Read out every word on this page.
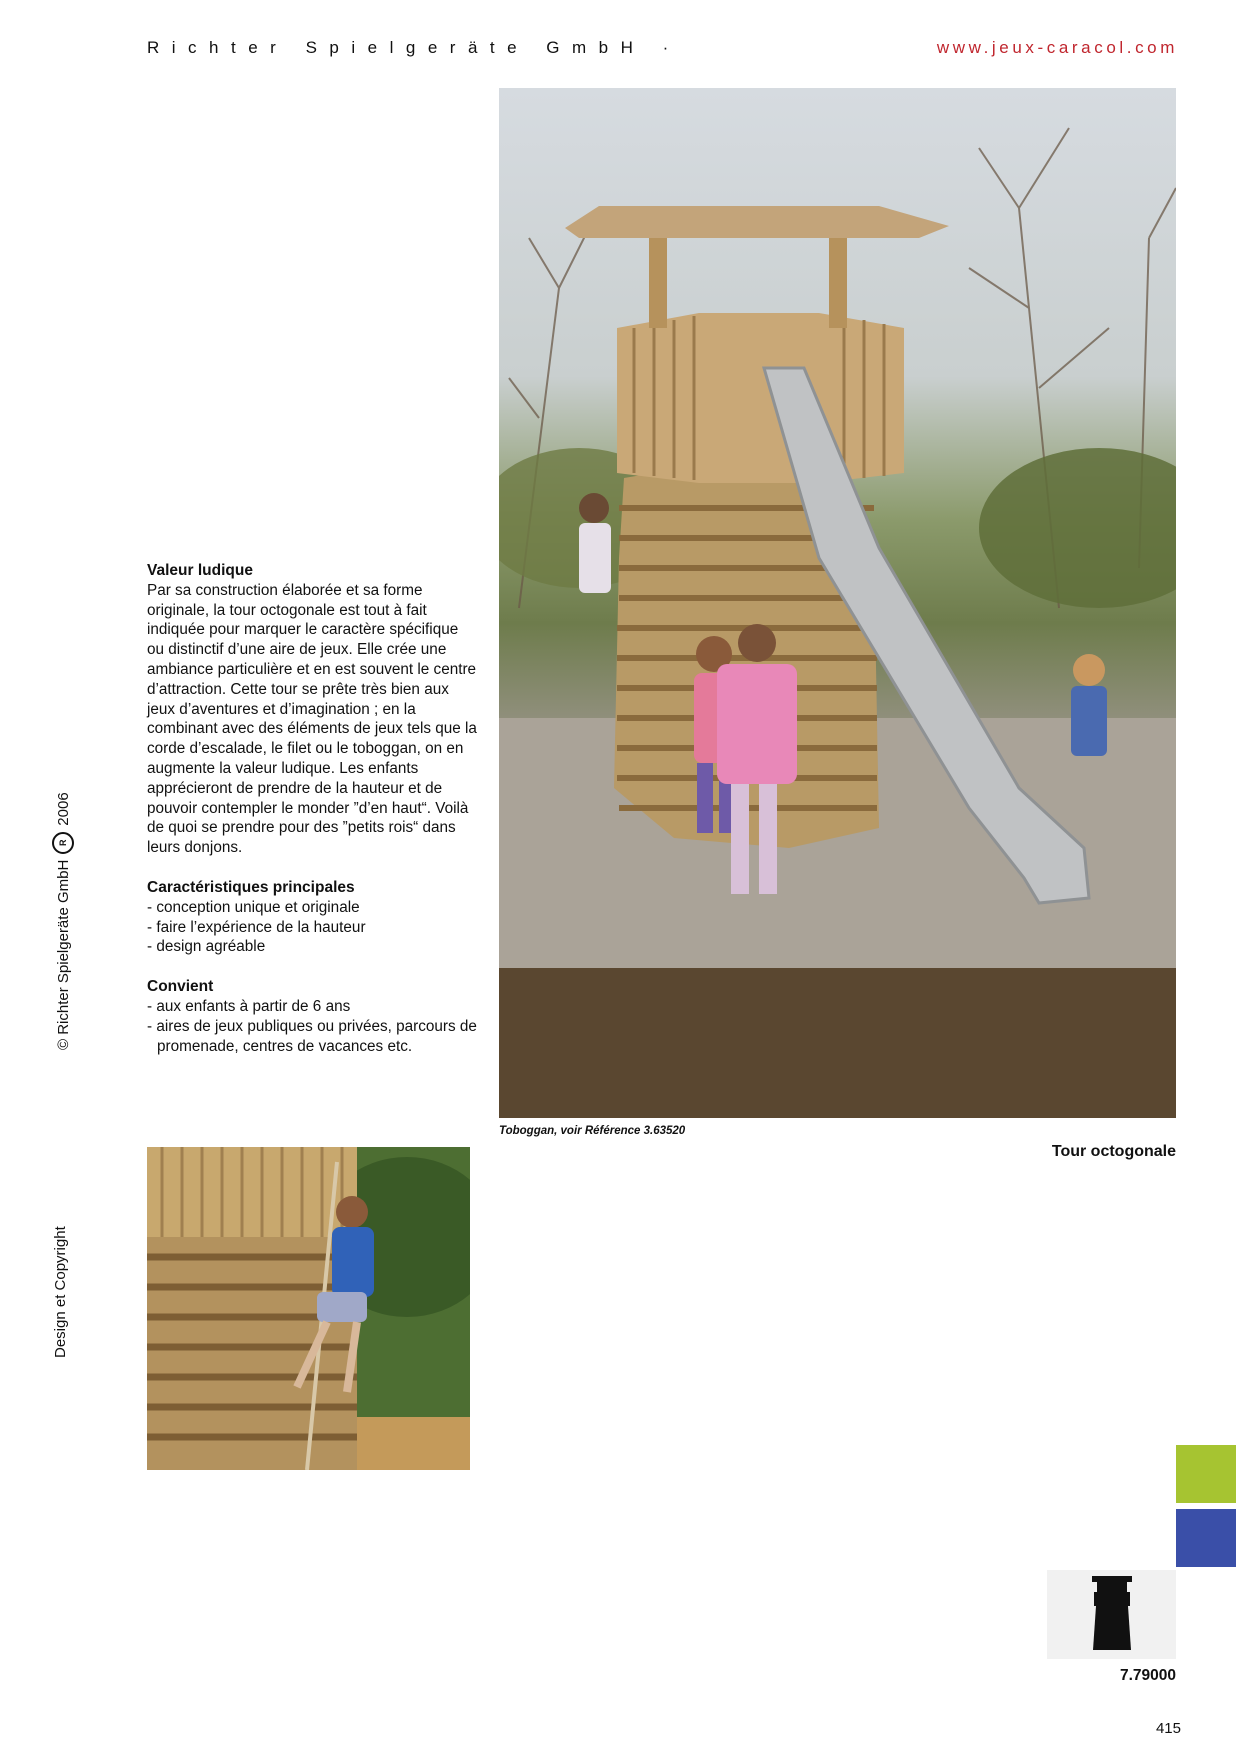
Richter Spielgeräte GmbH ·	www.jeux-caracol.com
Toboggan, voir Référence 3.63520
Tour octogonale
Valeur ludique

Par sa construction élaborée et sa forme originale, la tour octogonale est tout à fait indiquée pour marquer le caractère spécifique ou distinctif d’une aire de jeux. Elle crée une ambiance particulière et en est souvent le centre d’attraction. Cette tour se prête très bien aux jeux d’aventures et d’imagination ; en la combinant avec des éléments de jeux tels que la corde d’escalade, le filet ou le toboggan, on en augmente la valeur ludique. Les enfants apprécieront de prendre de la hauteur et de pouvoir contempler le monder ”d’en haut“. Voilà de quoi se prendre pour des ”petits rois“ dans leurs donjons.

Caractéristiques principales
- conception unique et originale
- faire l’expérience de la hauteur
- design agréable
Convient
- aux enfants à partir de 6 ans
- aires de jeux publiques ou privées, parcours de promenade, centres de vacances etc.
© Richter Spielgeräte GmbH
R
2006
Design et Copyright
7.79000
415
